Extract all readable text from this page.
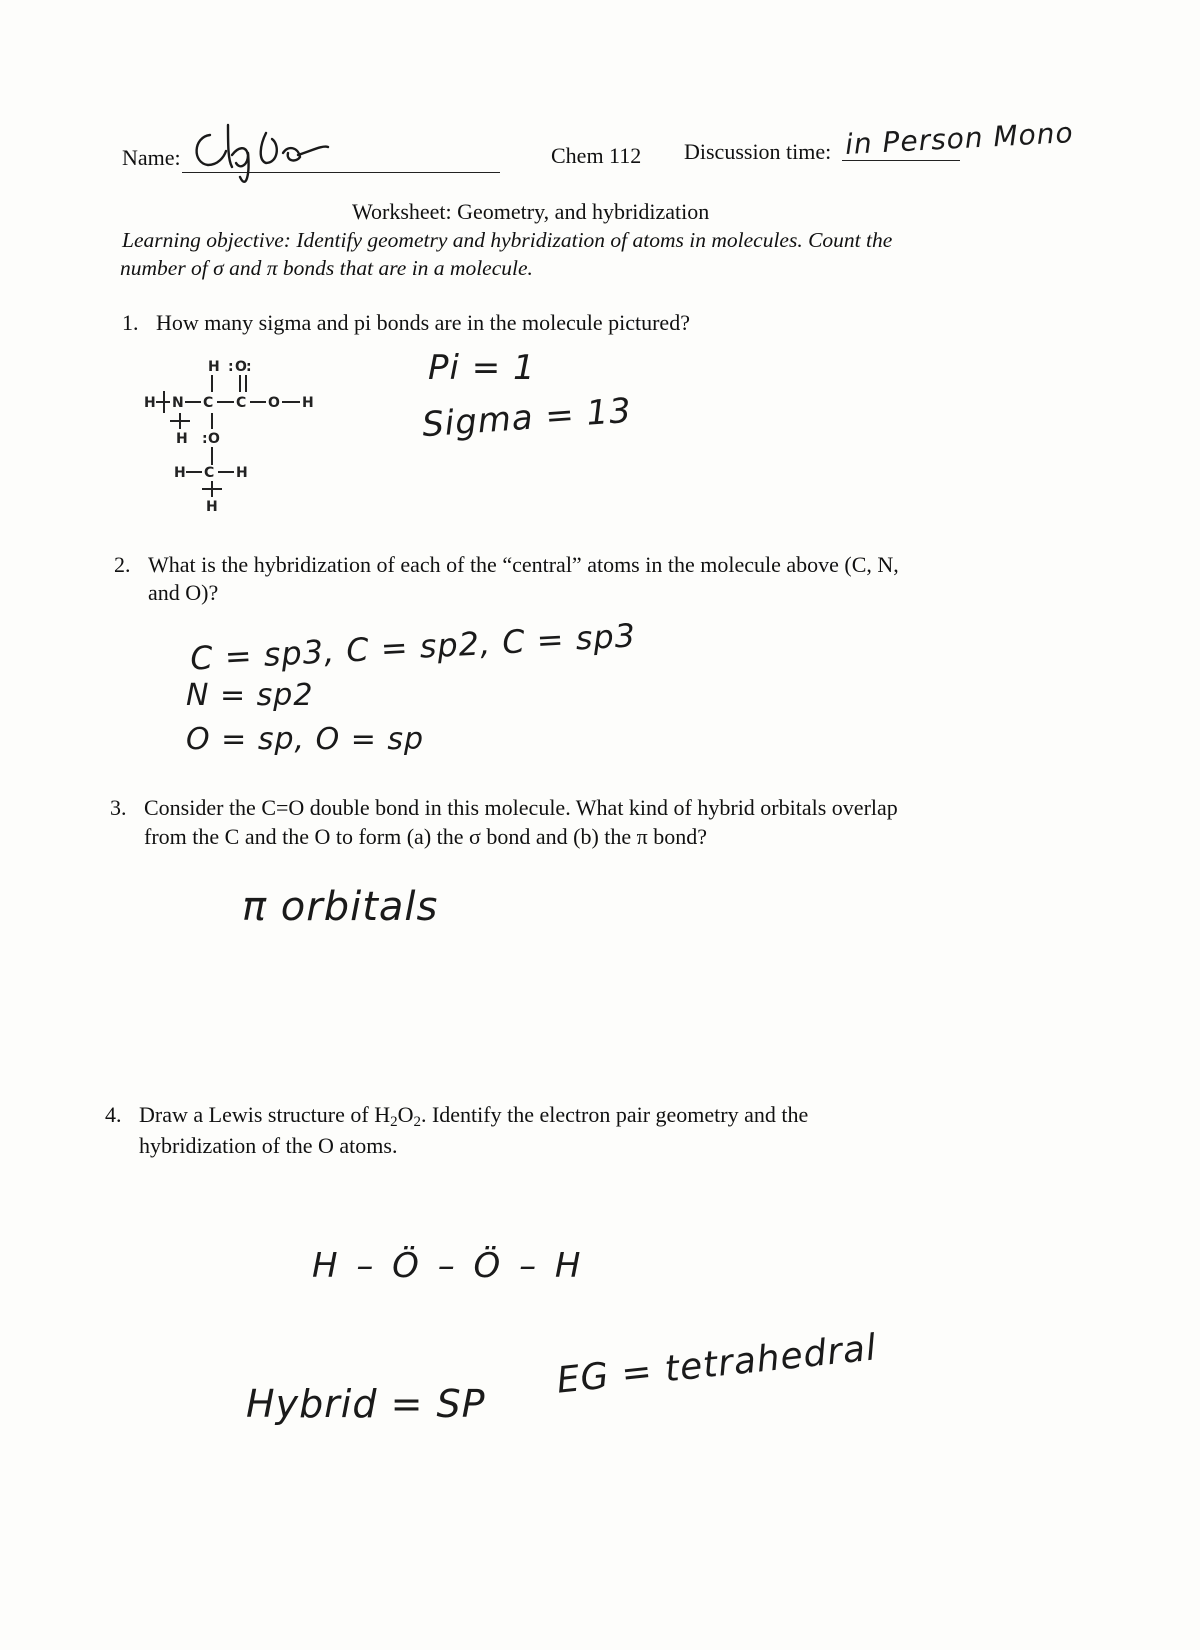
Name:	Chem 112 Discussion time: in Person Mono
Worksheet: Geometry, and hybridization
Learning objective: Identify geometry and hybridization of atoms in molecules. Count the
number of σ and π bonds that are in a molecule.
1. How many sigma and pi bonds are in the molecule pictured?
H O
: :
H N C C O H
H O
:
H C H
H
Pi = 1
Sigma = 13
2. What is the hybridization of each of the “central” atoms in the molecule above (C, N,
and O)?
C = sp3, C = sp2, C = sp3
N = sp2
O = sp, O = sp
3. Consider the C=O double bond in this molecule. What kind of hybrid orbitals overlap
from the C and the O to form (a) the σ bond and (b) the π bond?
π orbitals
4. Draw a Lewis structure of $H_2O_2$. Identify the electron pair geometry and the
hybridization of the O atoms.
H – Ö – Ö – H
Hybrid = SP
EG = tetrahedral
